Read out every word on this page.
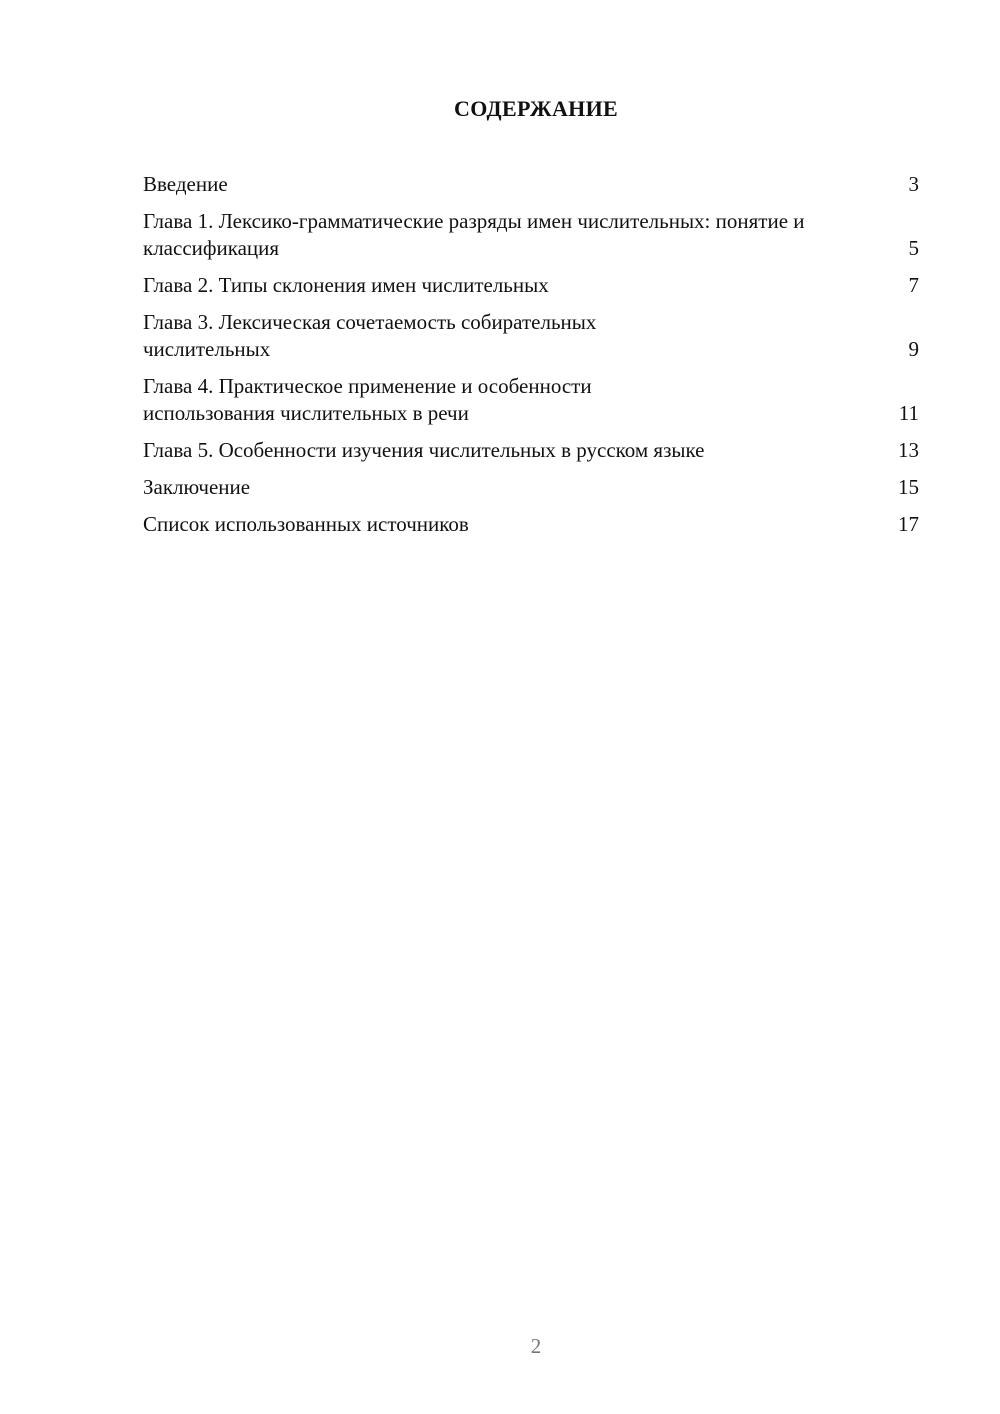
СОДЕРЖАНИЕ
Введение	3
Глава 1. Лексико-грамматические разряды имен числительных: понятие и классификация	5
Глава 2. Типы склонения имен числительных	7
Глава 3. Лексическая сочетаемость собирательных числительных	9
Глава 4. Практическое применение и особенности использования числительных в речи	11
Глава 5. Особенности изучения числительных в русском языке	13
Заключение	15
Список использованных источников	17
2
